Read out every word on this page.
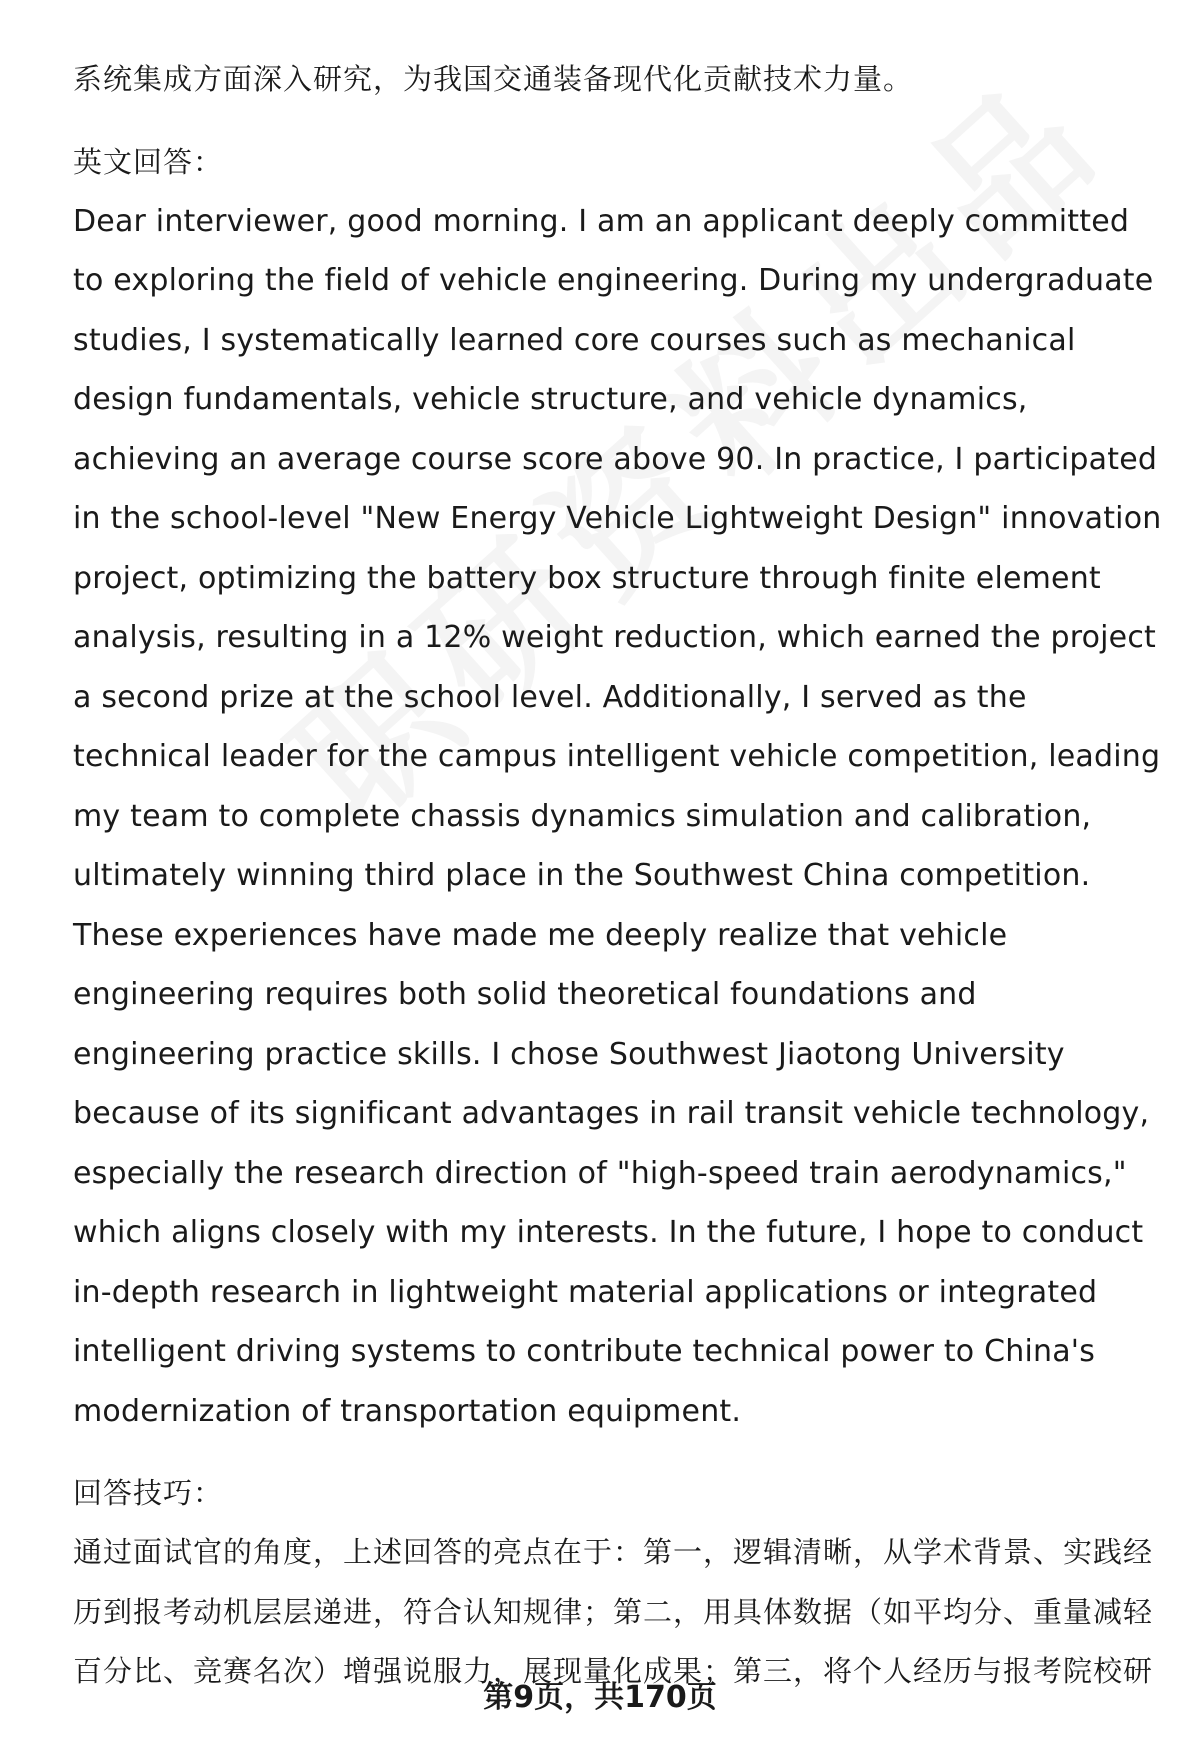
系统集成方面深入研究，为我国交通装备现代化贡献技术力量。

英文回答：

Dear interviewer, good morning. I am an applicant deeply committed to exploring the field of vehicle engineering. During my undergraduate studies, I systematically learned core courses such as mechanical design fundamentals, vehicle structure, and vehicle dynamics, achieving an average course score above 90. In practice, I participated in the school-level "New Energy Vehicle Lightweight Design" innovation project, optimizing the battery box structure through finite element analysis, resulting in a 12% weight reduction, which earned the project a second prize at the school level. Additionally, I served as the technical leader for the campus intelligent vehicle competition, leading my team to complete chassis dynamics simulation and calibration, ultimately winning third place in the Southwest China competition. These experiences have made me deeply realize that vehicle engineering requires both solid theoretical foundations and engineering practice skills. I chose Southwest Jiaotong University because of its significant advantages in rail transit vehicle technology, especially the research direction of "high-speed train aerodynamics," which aligns closely with my interests. In the future, I hope to conduct in-depth research in lightweight material applications or integrated intelligent driving systems to contribute technical power to China's modernization of transportation equipment.

回答技巧：

通过面试官的角度，上述回答的亮点在于：第一，逻辑清晰，从学术背景、实践经历到报考动机层层递进，符合认知规律；第二，用具体数据（如平均分、重量减轻百分比、竞赛名次）增强说服力，展现量化成果；第三，将个人经历与报考院校研

第9页，共170页
